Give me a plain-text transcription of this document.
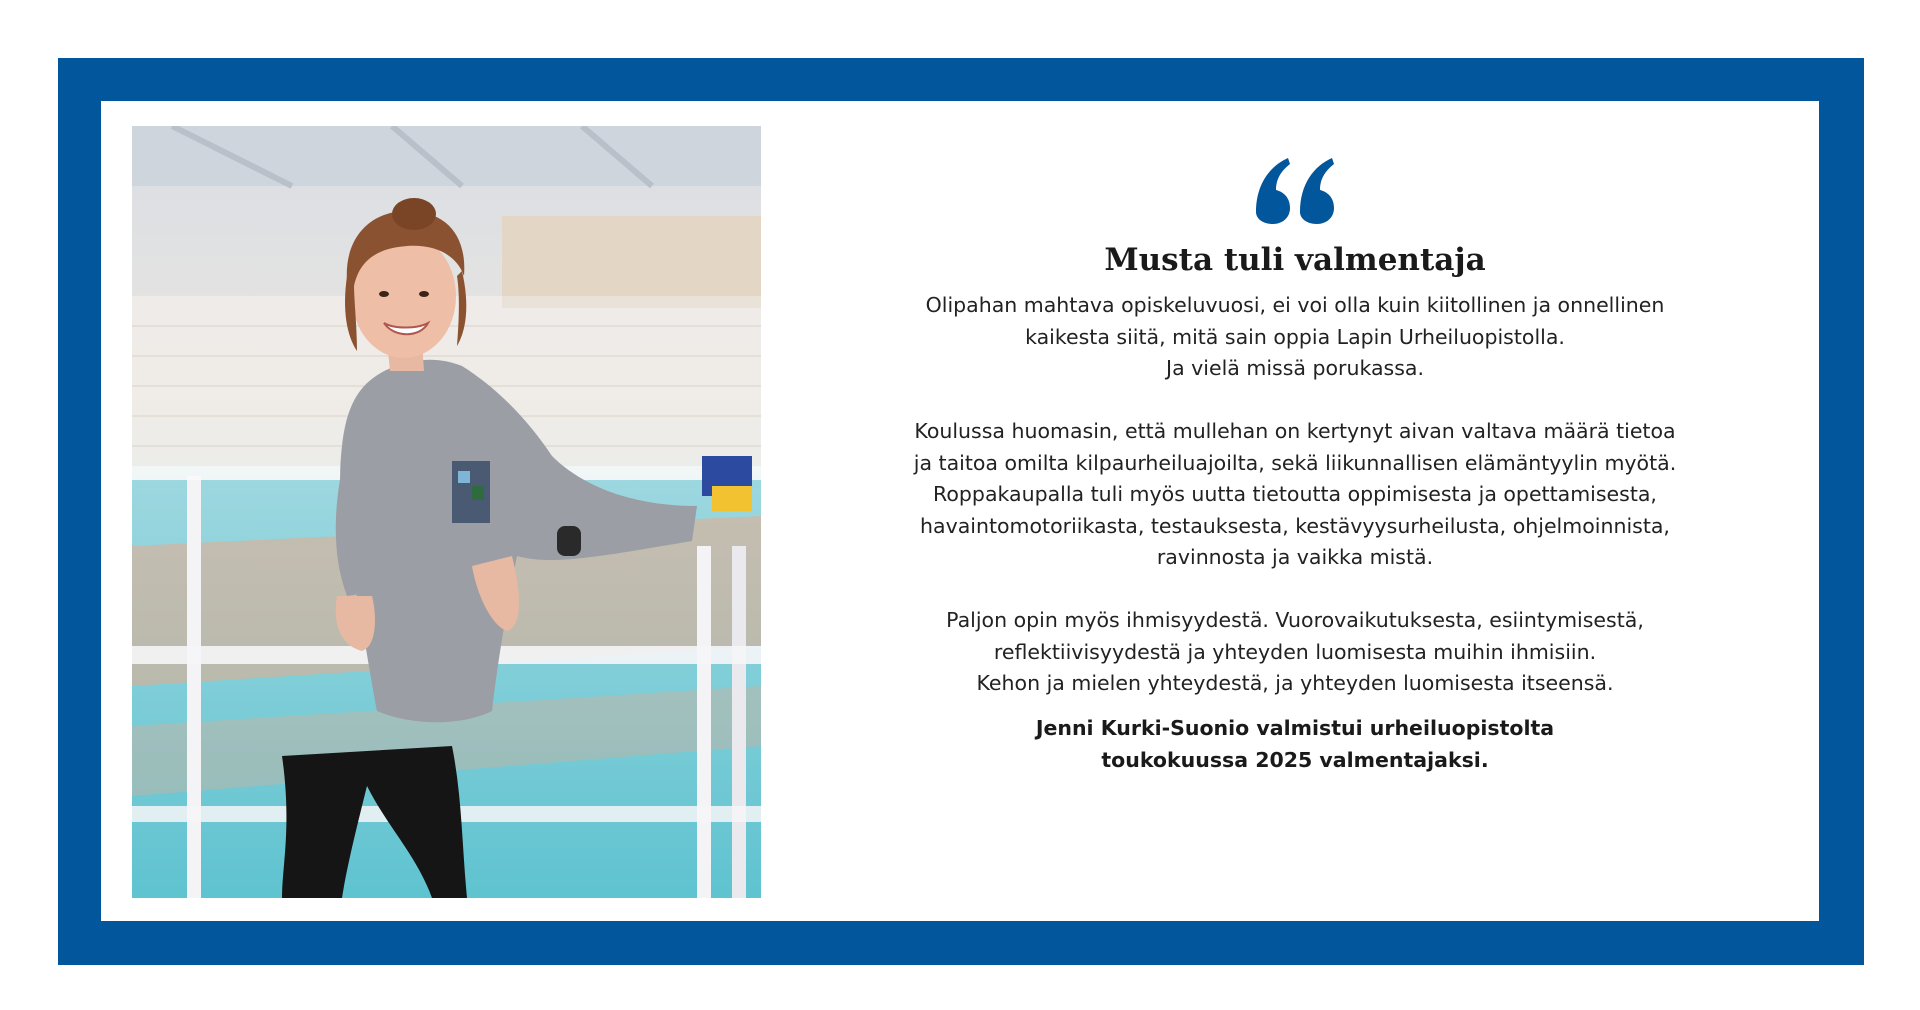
Musta tuli valmentaja

Olipahan mahtava opiskeluvuosi, ei voi olla kuin kiitollinen ja onnellinen
kaikesta siitä, mitä sain oppia Lapin Urheiluopistolla.
Ja vielä missä porukassa.

Koulussa huomasin, että mullehan on kertynyt aivan valtava määrä tietoa
ja taitoa omilta kilpaurheiluajoilta, sekä liikunnallisen elämäntyylin myötä.
Roppakaupalla tuli myös uutta tietoutta oppimisesta ja opettamisesta,
havaintomotoriikasta, testauksesta, kestävyysurheilusta, ohjelmoinnista,
ravinnosta ja vaikka mistä.

Paljon opin myös ihmisyydestä. Vuorovaikutuksesta, esiintymisestä,
reflektiivisyydestä ja yhteyden luomisesta muihin ihmisiin.
Kehon ja mielen yhteydestä, ja yhteyden luomisesta itseensä.

Jenni Kurki-Suonio valmistui urheiluopistolta
toukokuussa 2025 valmentajaksi.
